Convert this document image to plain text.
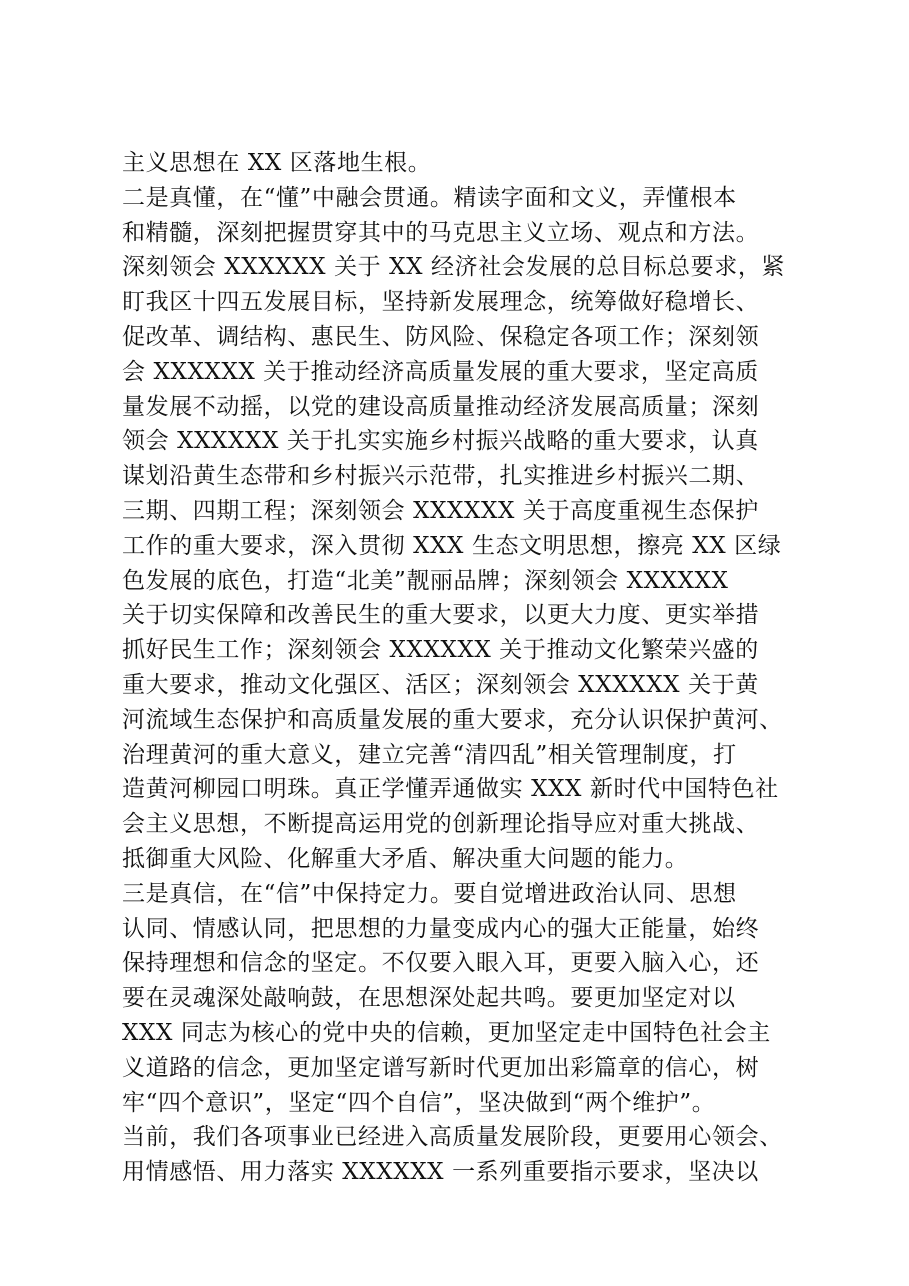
主义思想在 XX 区落地生根。
二是真懂，在“懂”中融会贯通。精读字面和文义，弄懂根本
和精髓，深刻把握贯穿其中的马克思主义立场、观点和方法。
深刻领会 XXXXXX 关于 XX 经济社会发展的总目标总要求，紧
盯我区十四五发展目标，坚持新发展理念，统筹做好稳增长、
促改革、调结构、惠民生、防风险、保稳定各项工作；深刻领
会 XXXXXX 关于推动经济高质量发展的重大要求，坚定高质
量发展不动摇，以党的建设高质量推动经济发展高质量；深刻
领会 XXXXXX 关于扎实实施乡村振兴战略的重大要求，认真
谋划沿黄生态带和乡村振兴示范带，扎实推进乡村振兴二期、
三期、四期工程；深刻领会 XXXXXX 关于高度重视生态保护
工作的重大要求，深入贯彻 XXX 生态文明思想，擦亮 XX 区绿
色发展的底色，打造“北美”靓丽品牌；深刻领会 XXXXXX
关于切实保障和改善民生的重大要求，以更大力度、更实举措
抓好民生工作；深刻领会 XXXXXX 关于推动文化繁荣兴盛的
重大要求，推动文化强区、活区；深刻领会 XXXXXX 关于黄
河流域生态保护和高质量发展的重大要求，充分认识保护黄河、
治理黄河的重大意义，建立完善“清四乱”相关管理制度，打
造黄河柳园口明珠。真正学懂弄通做实 XXX 新时代中国特色社
会主义思想，不断提高运用党的创新理论指导应对重大挑战、
抵御重大风险、化解重大矛盾、解决重大问题的能力。
三是真信，在“信”中保持定力。要自觉增进政治认同、思想
认同、情感认同，把思想的力量变成内心的强大正能量，始终
保持理想和信念的坚定。不仅要入眼入耳，更要入脑入心，还
要在灵魂深处敲响鼓，在思想深处起共鸣。要更加坚定对以
XXX 同志为核心的党中央的信赖，更加坚定走中国特色社会主
义道路的信念，更加坚定谱写新时代更加出彩篇章的信心，树
牢“四个意识”，坚定“四个自信”，坚决做到“两个维护”。
当前，我们各项事业已经进入高质量发展阶段，更要用心领会、
用情感悟、用力落实 XXXXXX 一系列重要指示要求，坚决以
